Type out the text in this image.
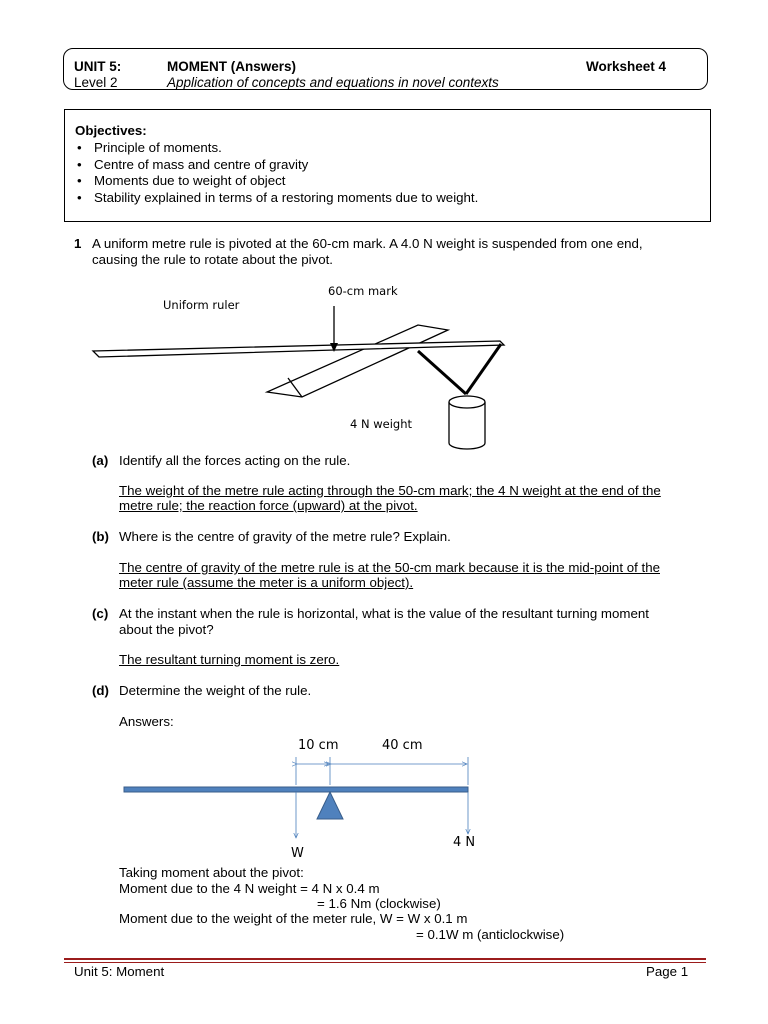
UNIT 5:	MOMENT (Answers)	Worksheet 4
Level 2	Application of concepts and equations in novel contexts
Objectives:
• Principle of moments.
• Centre of mass and centre of gravity
• Moments due to weight of object
• Stability explained in terms of a restoring moments due to weight.
1 A uniform metre rule is pivoted at the 60-cm mark. A 4.0 N weight is suspended from one end,
causing the rule to rotate about the pivot.
60-cm mark
Uniform ruler
4 N weight
(a) Identify all the forces acting on the rule.
The weight of the metre rule acting through the 50-cm mark; the 4 N weight at the end of the
metre rule; the reaction force (upward) at the pivot.
(b) Where is the centre of gravity of the metre rule? Explain.
The centre of gravity of the metre rule is at the 50-cm mark because it is the mid-point of the
meter rule (assume the meter is a uniform object).
(c) At the instant when the rule is horizontal, what is the value of the resultant turning moment
about the pivot?
The resultant turning moment is zero.
(d) Determine the weight of the rule.
Answers:
10 cm	40 cm
W
4 N
Taking moment about the pivot:
Moment due to the 4 N weight = 4 N x 0.4 m
= 1.6 Nm (clockwise)
Moment due to the weight of the meter rule, W = W x 0.1 m
= 0.1W m (anticlockwise)
Unit 5: Moment	Page 1
